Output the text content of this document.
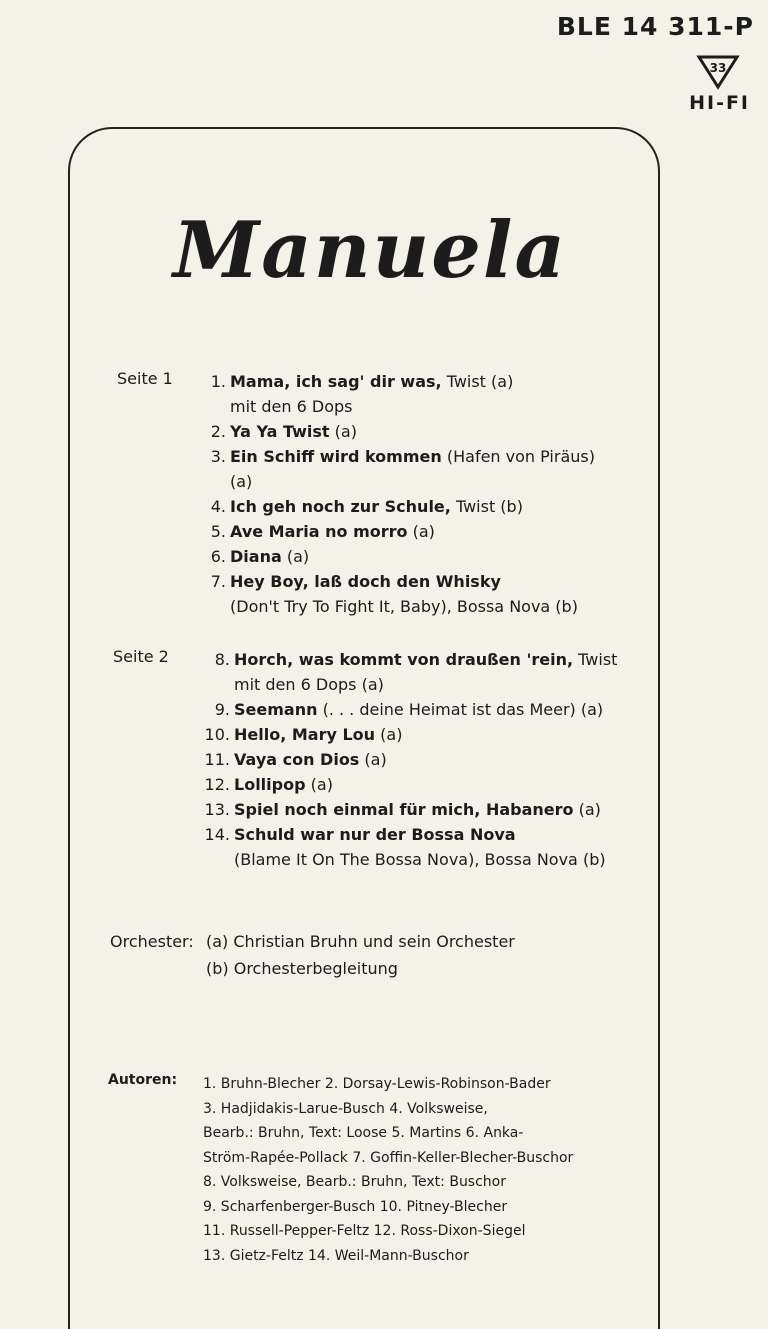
BLE 14 311-P
33
HI-FI
Manuela
Seite 1	1. Mama, ich sag' dir was, Twist (a)
mit den 6 Dops
2. Ya Ya Twist (a)
3. Ein Schiff wird kommen (Hafen von Piräus) (a)
4. Ich geh noch zur Schule, Twist (b)
5. Ave Maria no morro (a)
6. Diana (a)
7. Hey Boy, laß doch den Whisky
(Don't Try To Fight It, Baby), Bossa Nova (b)
Seite 2	8. Horch, was kommt von draußen 'rein, Twist
mit den 6 Dops (a)
9. Seemann (. . . deine Heimat ist das Meer) (a)
10. Hello, Mary Lou (a)
11. Vaya con Dios (a)
12. Lollipop (a)
13. Spiel noch einmal für mich, Habanero (a)
14. Schuld war nur der Bossa Nova
(Blame It On The Bossa Nova), Bossa Nova (b)
Orchester: (a) Christian Bruhn und sein Orchester
(b) Orchesterbegleitung
Autoren: 1. Bruhn-Blecher 2. Dorsay-Lewis-Robinson-Bader
3. Hadjidakis-Larue-Busch 4. Volksweise,
Bearb.: Bruhn, Text: Loose 5. Martins 6. Anka-
Ström-Rapée-Pollack 7. Goffin-Keller-Blecher-Buschor
8. Volksweise, Bearb.: Bruhn, Text: Buschor
9. Scharfenberger-Busch 10. Pitney-Blecher
11. Russell-Pepper-Feltz 12. Ross-Dixon-Siegel
13. Gietz-Feltz 14. Weil-Mann-Buschor
